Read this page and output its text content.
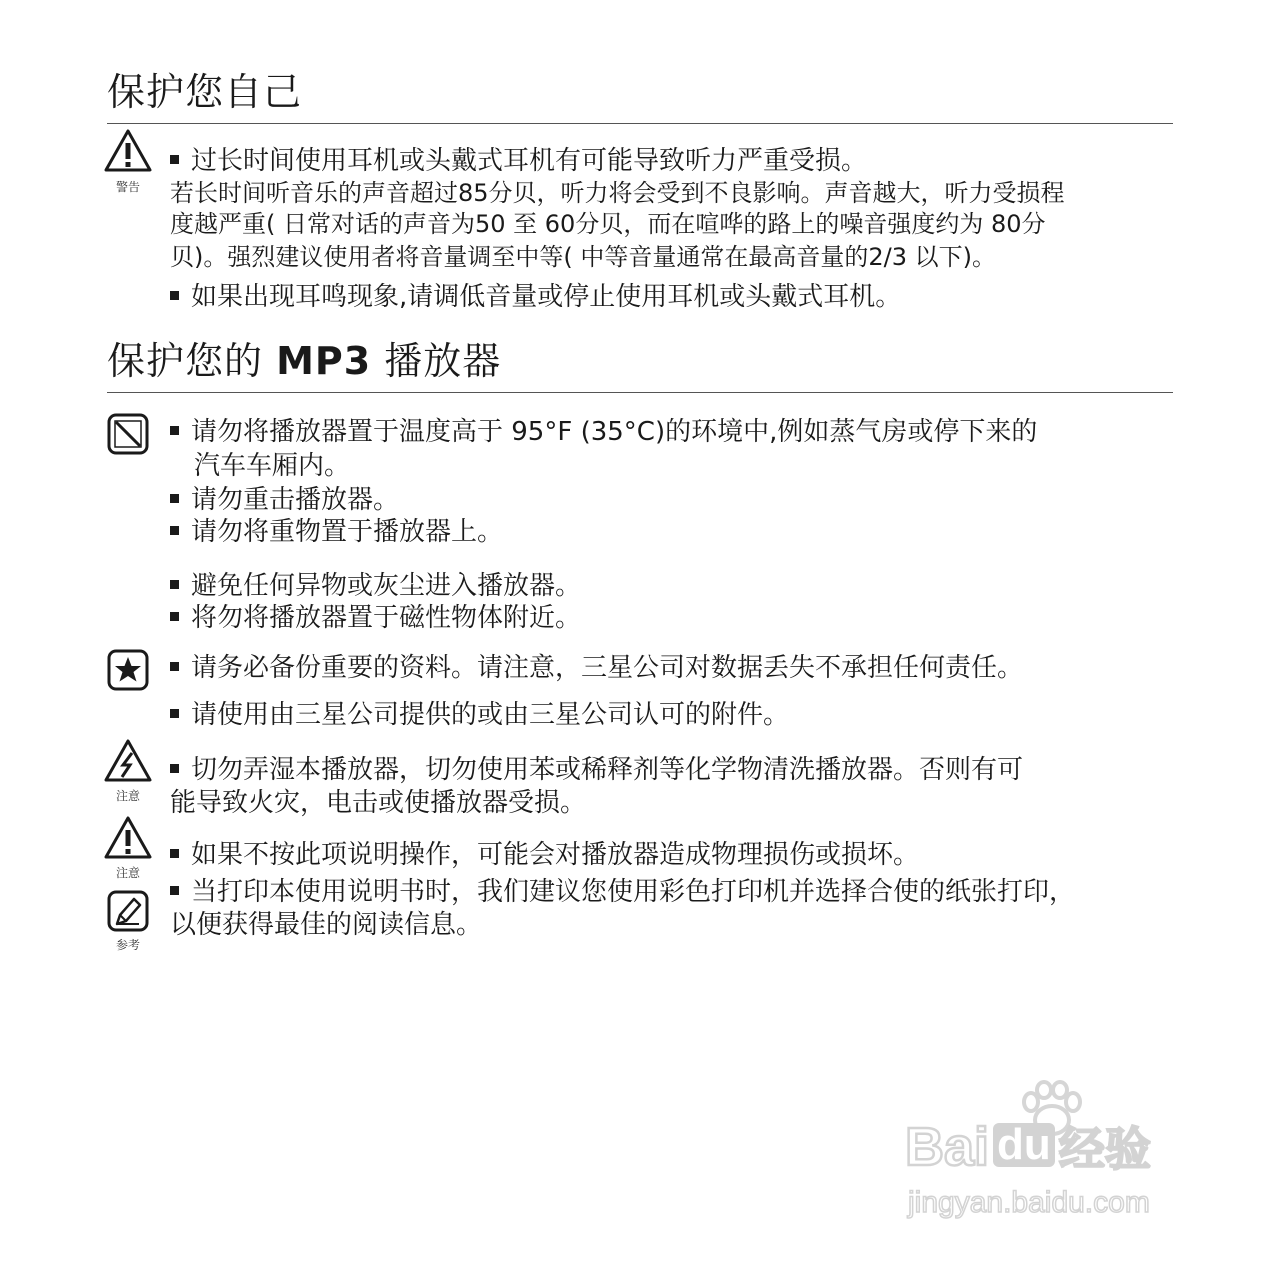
保护您自己
警告
过长时间使用耳机或头戴式耳机有可能导致听力严重受损。
若长时间听音乐的声音超过85分贝，听力将会受到不良影响。声音越大，听力受损程
度越严重( 日常对话的声音为50 至 60分贝，而在喧哗的路上的噪音强度约为 80分
贝)。强烈建议使用者将音量调至中等( 中等音量通常在最高音量的2/3 以下)。
如果出现耳鸣现象,请调低音量或停止使用耳机或头戴式耳机。
保护您的 MP3 播放器
请勿将播放器置于温度高于 95°F (35°C)的环境中,例如蒸气房或停下来的
汽车车厢内。
请勿重击播放器。
请勿将重物置于播放器上。
避免任何异物或灰尘进入播放器。
将勿将播放器置于磁性物体附近。
请务必备份重要的资料。请注意，三星公司对数据丢失不承担任何责任。
请使用由三星公司提供的或由三星公司认可的附件。
注意
切勿弄湿本播放器，切勿使用苯或稀释剂等化学物清洗播放器。否则有可
能导致火灾，电击或使播放器受损。
注意
如果不按此项说明操作，可能会对播放器造成物理损伤或损坏。
参考
当打印本使用说明书时，我们建议您使用彩色打印机并选择合使的纸张打印，
以便获得最佳的阅读信息。
Bai du 经验
jingyan.baidu.com
